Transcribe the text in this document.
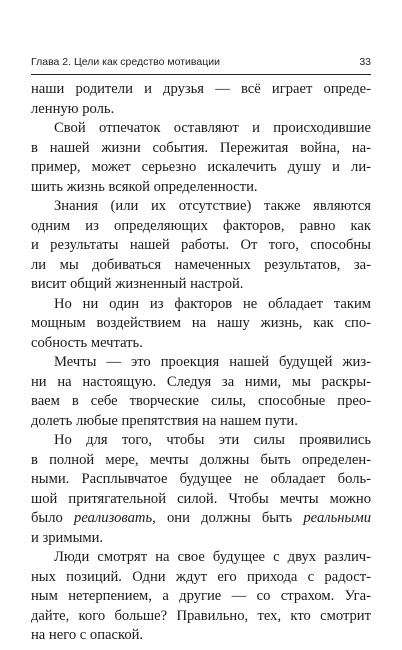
Глава 2. Цели как средство мотивации	33
наши родители и друзья — всё играет опреде-
ленную роль.
Свой отпечаток оставляют и происходившие
в нашей жизни события. Пережитая война, на-
пример, может серьезно искалечить душу и ли-
шить жизнь всякой определенности.
Знания (или их отсутствие) также являются
одним из определяющих факторов, равно как
и результаты нашей работы. От того, способны
ли мы добиваться намеченных результатов, за-
висит общий жизненный настрой.
Но ни один из факторов не обладает таким
мощным воздействием на нашу жизнь, как спо-
собность мечтать.
Мечты — это проекция нашей будущей жиз-
ни на настоящую. Следуя за ними, мы раскры-
ваем в себе творческие силы, способные прео-
долеть любые препятствия на нашем пути.
Но для того, чтобы эти силы проявились
в полной мере, мечты должны быть определен-
ными. Расплывчатое будущее не обладает боль-
шой притягательной силой. Чтобы мечты можно
было реализовать, они должны быть реальными
и зримыми.
Люди смотрят на свое будущее с двух различ-
ных позиций. Одни ждут его прихода с радост-
ным нетерпением, а другие — со страхом. Уга-
дайте, кого больше? Правильно, тех, кто смотрит
на него с опаской.
